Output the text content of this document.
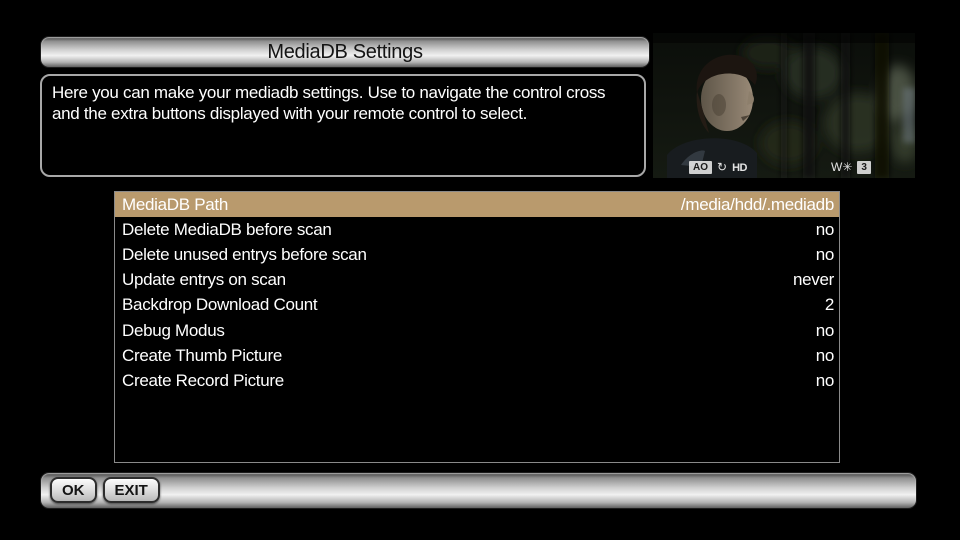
MediaDB Settings
Here you can make your mediadb settings. Use to navigate the control cross and the extra buttons displayed with your remote control to select.
AO ↻ HD	W✳ 3
MediaDB Path	/media/hdd/.mediadb
Delete MediaDB before scan	no
Delete unused entrys before scan	no
Update entrys on scan	never
Backdrop Download Count	2
Debug Modus	no
Create Thumb Picture	no
Create Record Picture	no
OK	EXIT
